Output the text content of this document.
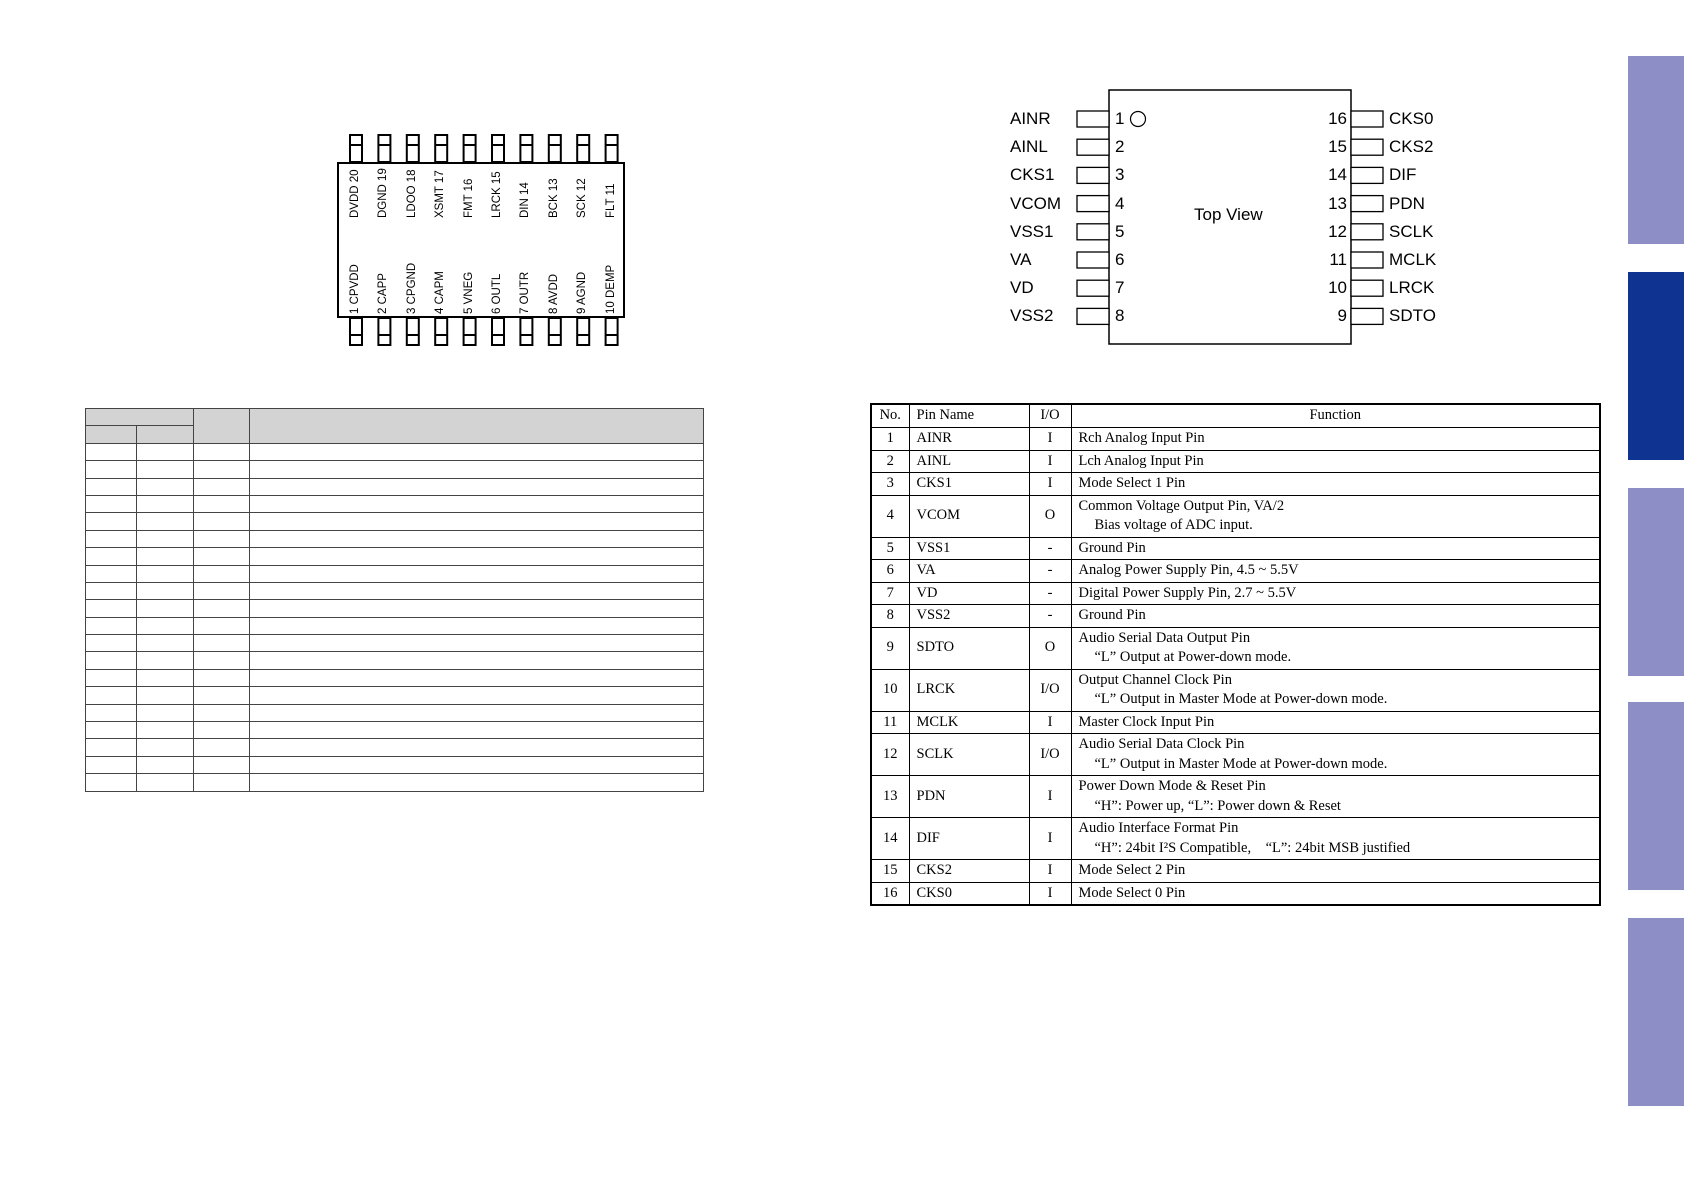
DVDD 20 DGND 19 LDOO 18 XSMT 17 FMT 16 LRCK 15 DIN 14 BCK 13 SCK 12 FLT 11
1 CPVDD 2 CAPP 3 CPGND 4 CAPM 5 VNEG 6 OUTL 7 OUTR 8 AVDD 9 AGND 10 DEMP
AINR	1	16 CKS0
AINL	2	15 CKS2
CKS1	3	14 DIF
VCOM	4	13 PDN
VSS1	5	12 SCLK
VA	6	11 MCLK
VD	7	10 LRCK
VSS2	8	9 SDTO
Top View

No.	Pin Name	I/O	Function
1	AINR	I	Rch Analog Input Pin

2	AINL	I	Lch Analog Input Pin

3	CKS1	I	Mode Select 1 Pin

4	VCOM	O	Common Voltage Output Pin, VA/2
Bias voltage of ADC input.

5	VSS1	-	Ground Pin

6	VA	-	Analog Power Supply Pin, 4.5 ~ 5.5V

7	VD	-	Digital Power Supply Pin, 2.7 ~ 5.5V

8	VSS2	-	Ground Pin

9	SDTO	O	Audio Serial Data Output Pin
“L” Output at Power-down mode.

10	LRCK	I/O	Output Channel Clock Pin
“L” Output in Master Mode at Power-down mode.

11	MCLK	I	Master Clock Input Pin

12	SCLK	I/O	Audio Serial Data Clock Pin
“L” Output in Master Mode at Power-down mode.

13	PDN	I	Power Down Mode & Reset Pin
“H”: Power up, “L”: Power down & Reset

14	DIF	I	Audio Interface Format Pin
“H”: 24bit I²S Compatible,    “L”: 24bit MSB justified

15	CKS2	I	Mode Select 2 Pin

16	CKS0	I	Mode Select 0 Pin
